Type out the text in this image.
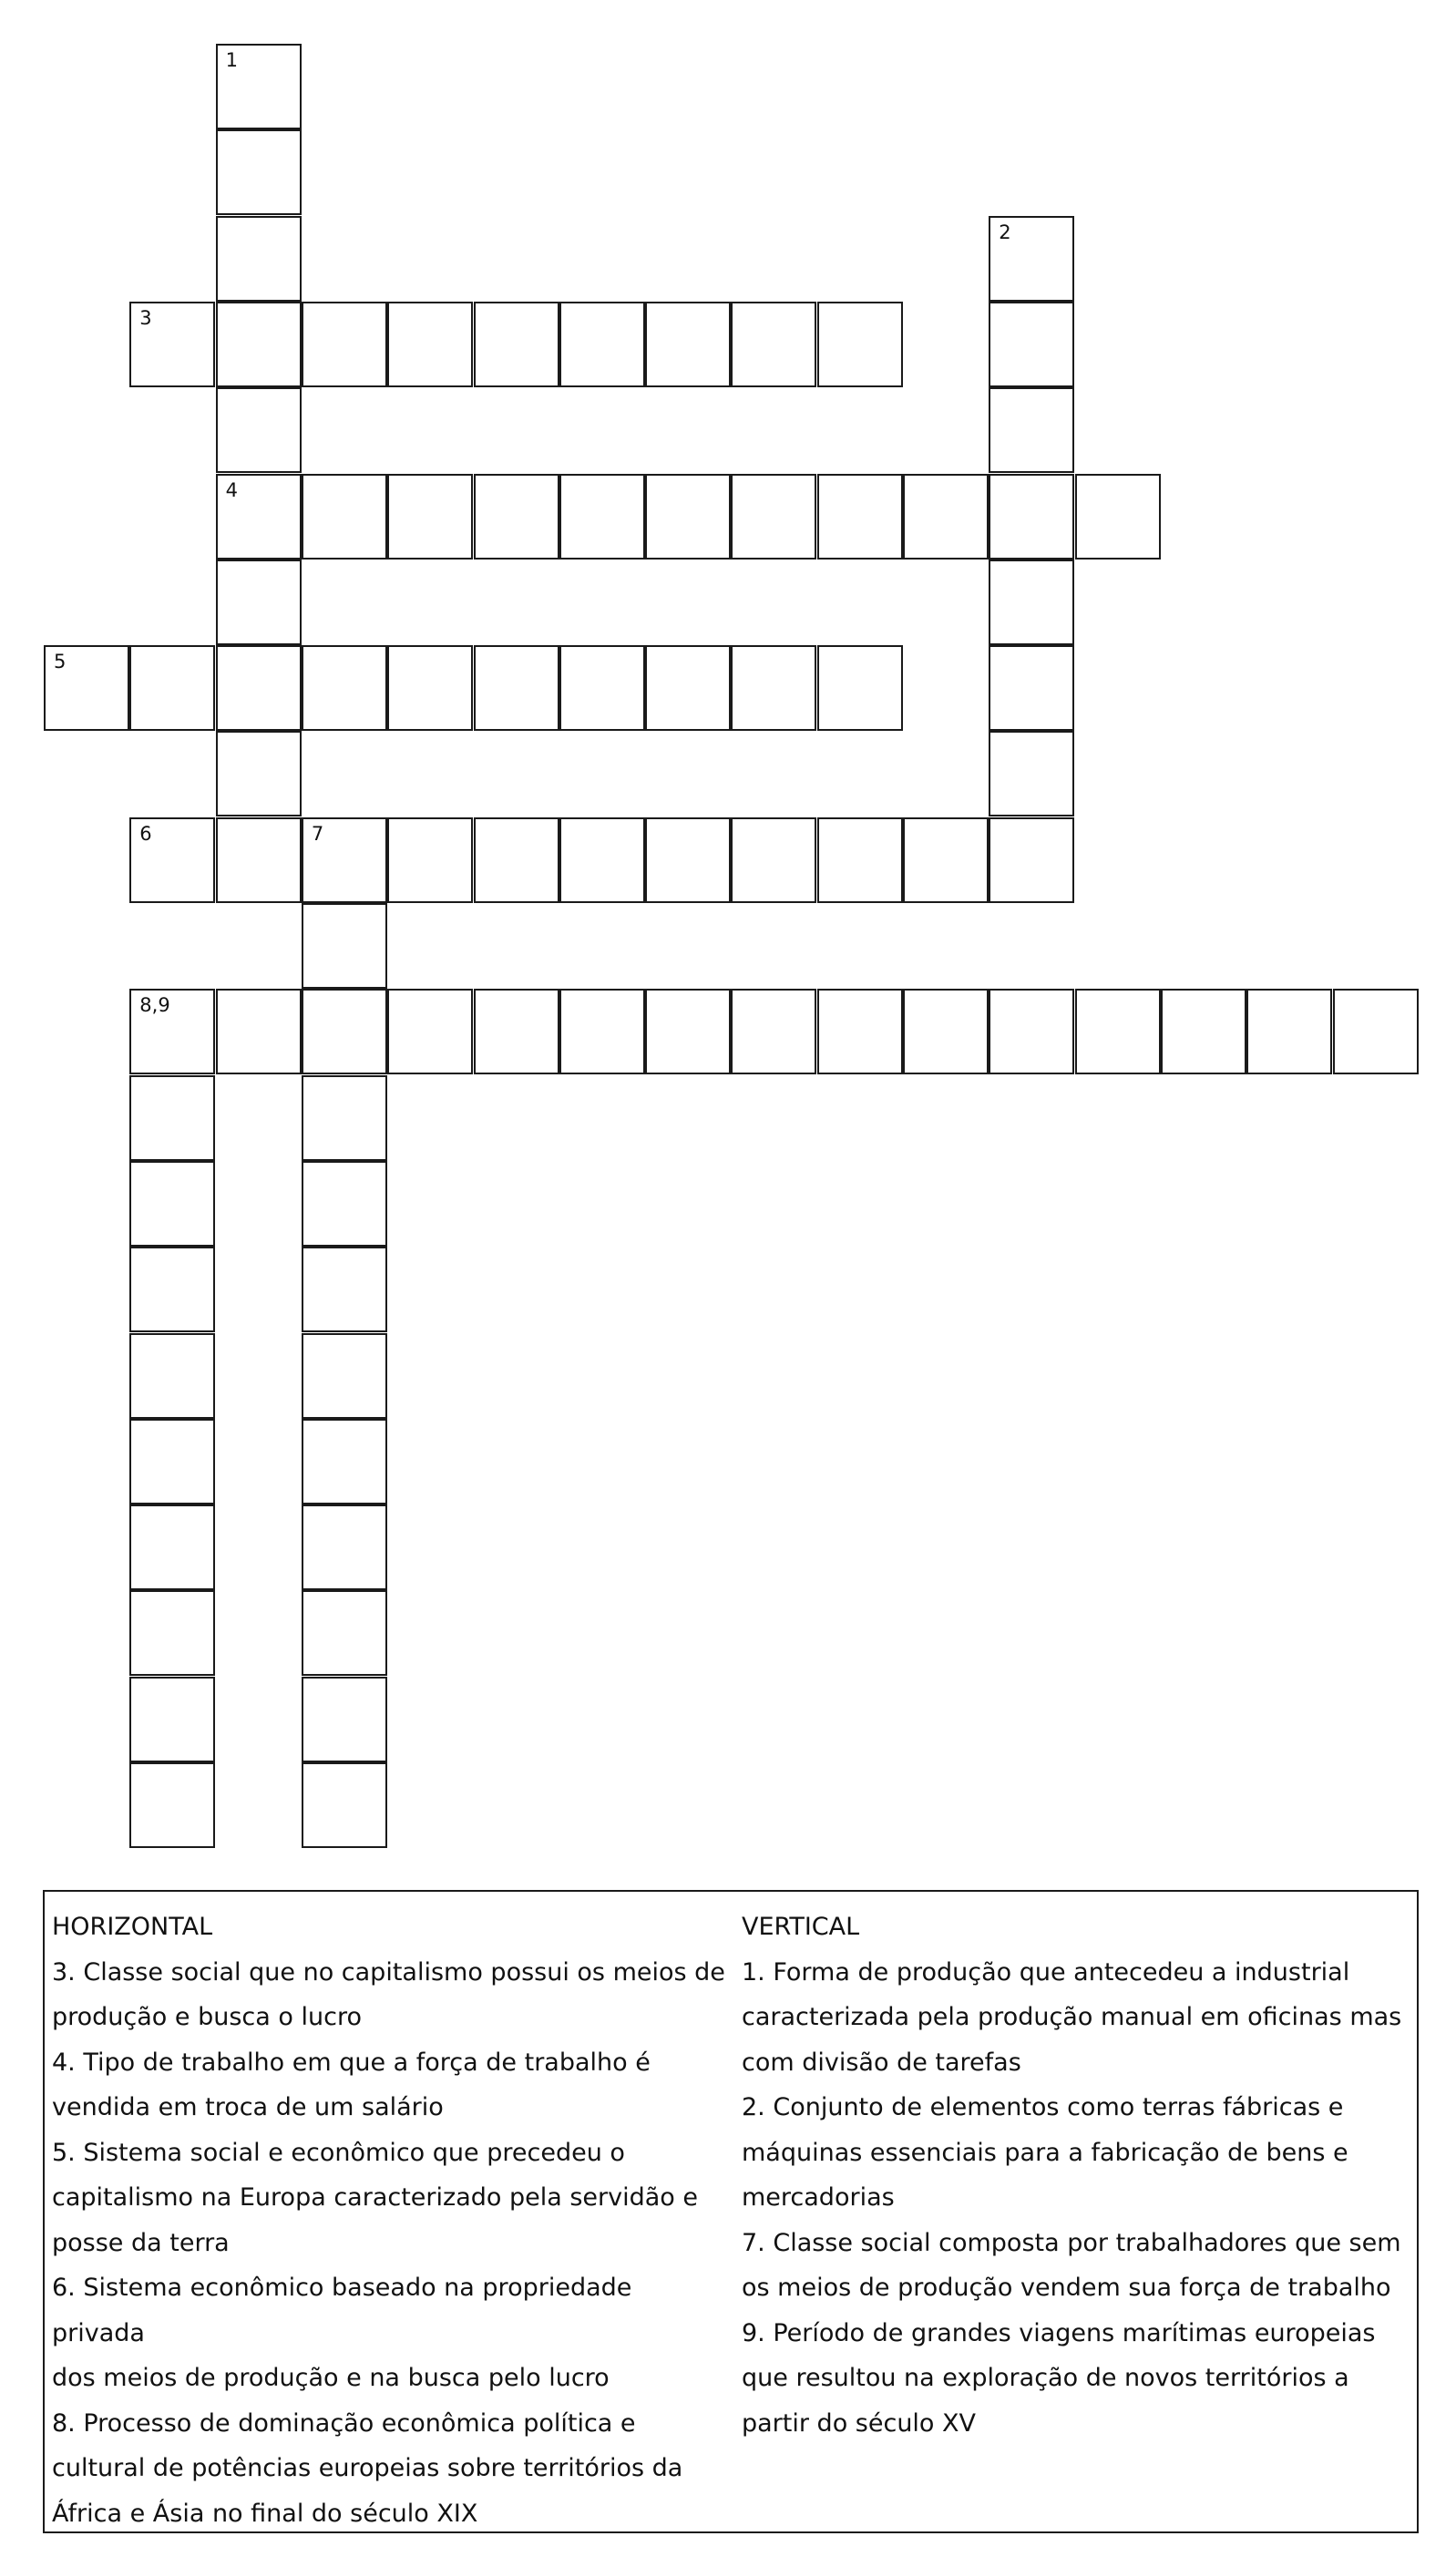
1
4
2
3
5
6	7
8,9
HORIZONTAL
3. Classe social que no capitalismo possui os meios de
produção e busca o lucro
4. Tipo de trabalho em que a força de trabalho é
vendida em troca de um salário
5. Sistema social e econômico que precedeu o
capitalismo na Europa caracterizado pela servidão e
posse da terra
6. Sistema econômico baseado na propriedade privada
dos meios de produção e na busca pelo lucro
8. Processo de dominação econômica política e
cultural de potências europeias sobre territórios da
África e Ásia no final do século XIX
VERTICAL
1. Forma de produção que antecedeu a industrial
caracterizada pela produção manual em oficinas mas
com divisão de tarefas
2. Conjunto de elementos como terras fábricas e
máquinas essenciais para a fabricação de bens e
mercadorias
7. Classe social composta por trabalhadores que sem
os meios de produção vendem sua força de trabalho
9. Período de grandes viagens marítimas europeias
que resultou na exploração de novos territórios a
partir do século XV
